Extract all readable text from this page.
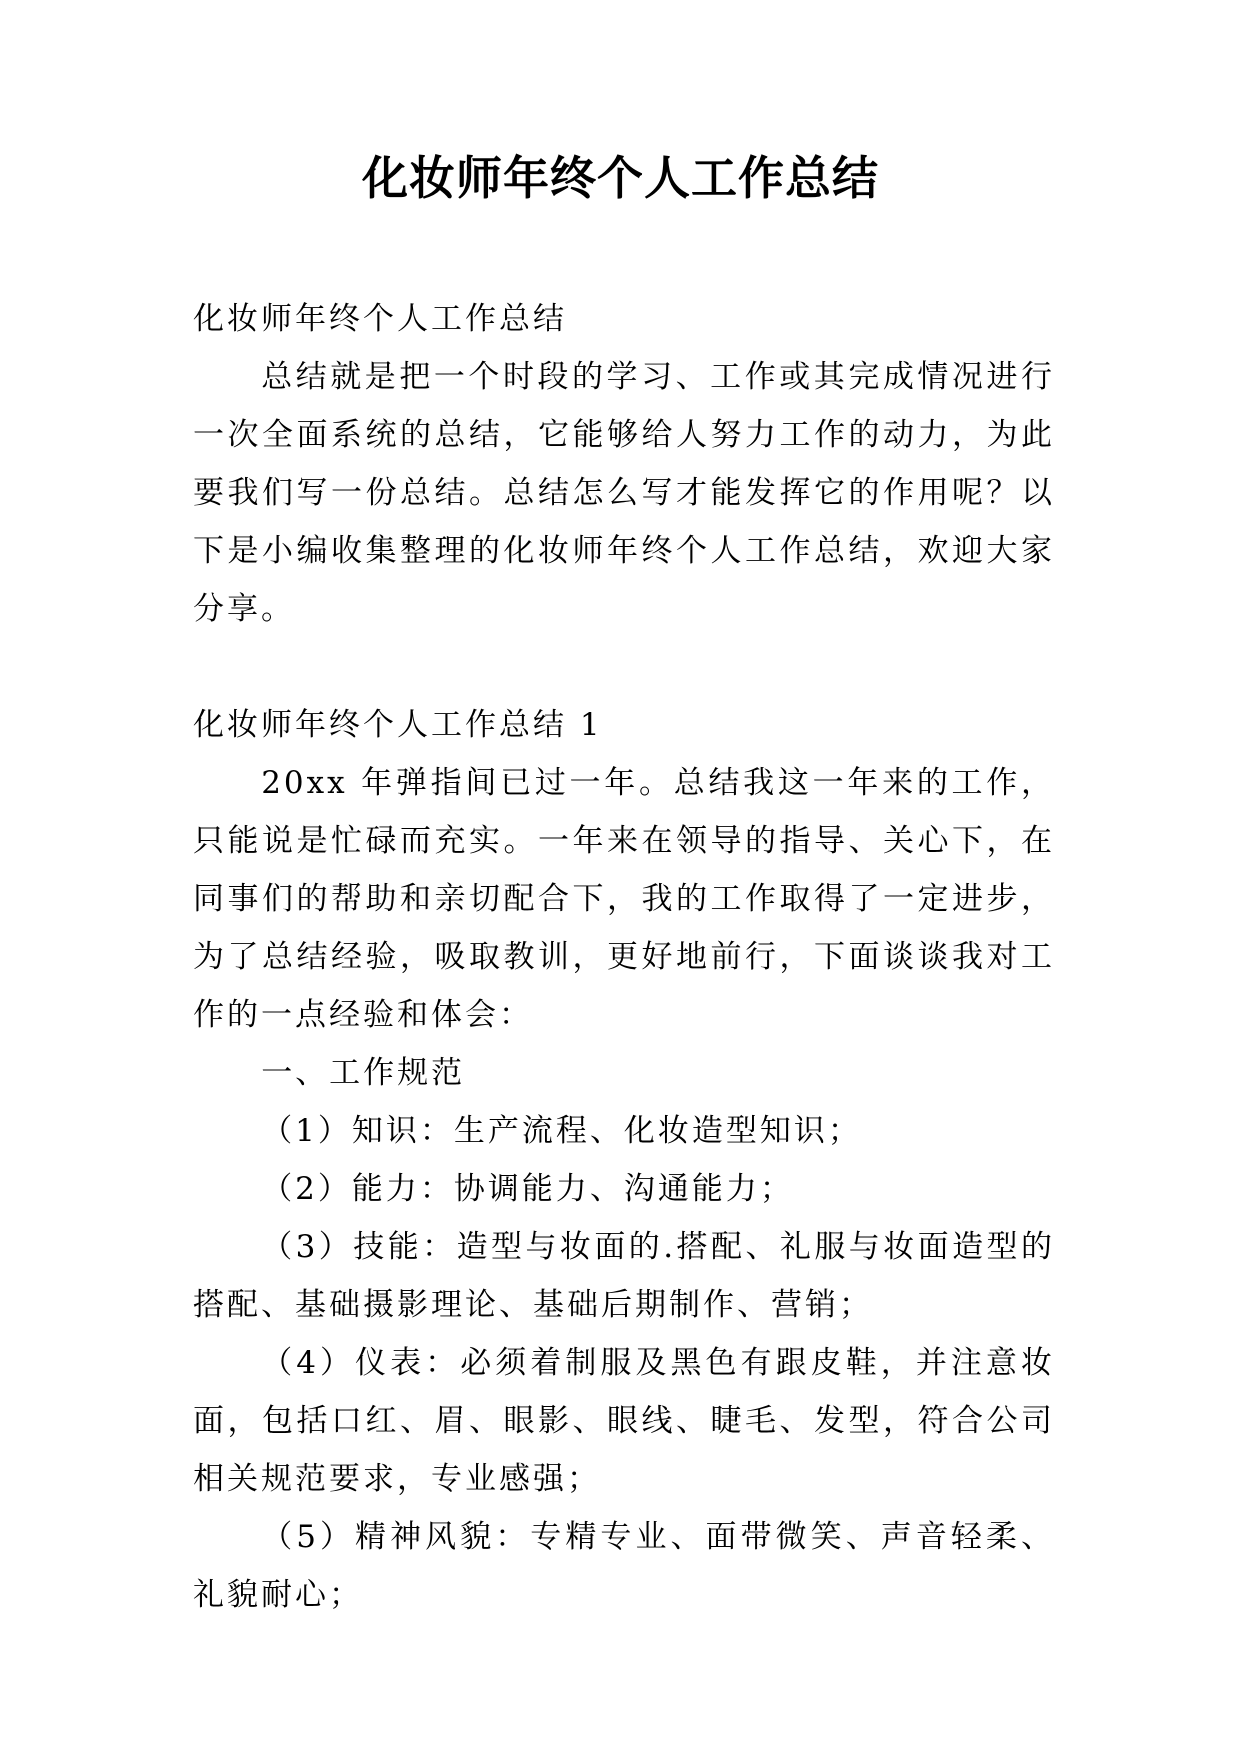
化妆师年终个人工作总结

化妆师年终个人工作总结

总结就是把一个时段的学习、工作或其完成情况进行一次全面系统的总结，它能够给人努力工作的动力，为此要我们写一份总结。总结怎么写才能发挥它的作用呢？以下是小编收集整理的化妆师年终个人工作总结，欢迎大家分享。

化妆师年终个人工作总结 1

20xx 年弹指间已过一年。总结我这一年来的工作，只能说是忙碌而充实。一年来在领导的指导、关心下，在同事们的帮助和亲切配合下，我的工作取得了一定进步，为了总结经验，吸取教训，更好地前行，下面谈谈我对工作的一点经验和体会：

一、工作规范

（1）知识：生产流程、化妆造型知识；

（2）能力：协调能力、沟通能力；

（3）技能：造型与妆面的.搭配、礼服与妆面造型的搭配、基础摄影理论、基础后期制作、营销；

（4）仪表：必须着制服及黑色有跟皮鞋，并注意妆面，包括口红、眉、眼影、眼线、睫毛、发型，符合公司相关规范要求，专业感强；

（5）精神风貌：专精专业、面带微笑、声音轻柔、礼貌耐心；
